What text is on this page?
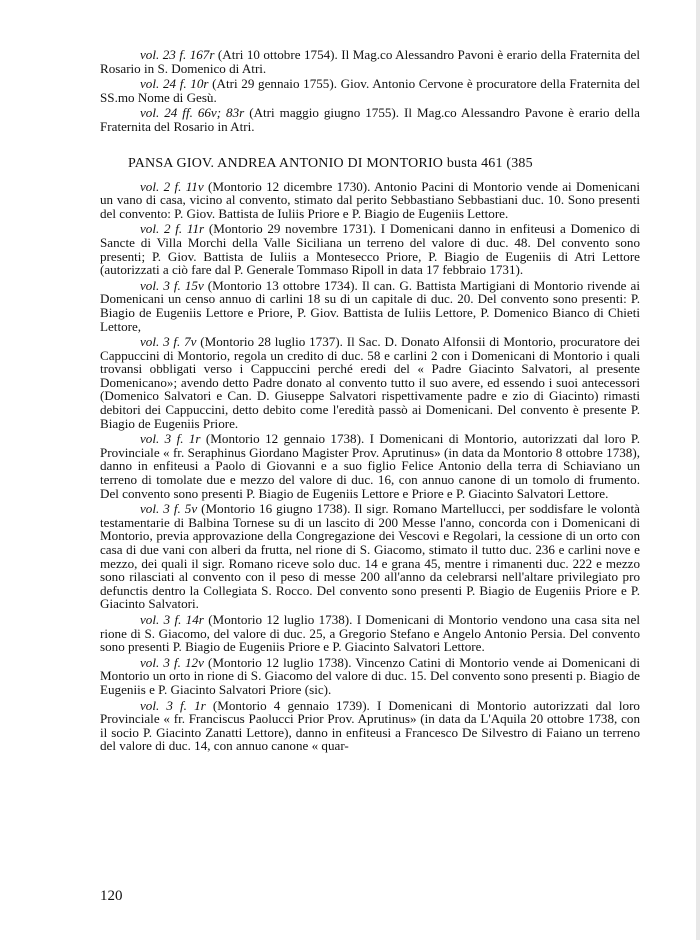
vol. 23 f. 167r (Atri 10 ottobre 1754). Il Mag.co Alessandro Pavoni è erario della Fraternita del Rosario in S. Domenico di Atri.

vol. 24 f. 10r (Atri 29 gennaio 1755). Giov. Antonio Cervone è procuratore della Fraternita del SS.mo Nome di Gesù.

vol. 24 ff. 66v; 83r (Atri maggio giugno 1755). Il Mag.co Alessandro Pavone è erario della Fraternita del Rosario in Atri.

PANSA GIOV. ANDREA ANTONIO DI MONTORIO busta 461 (385

vol. 2 f. 11v (Montorio 12 dicembre 1730). Antonio Pacini di Montorio vende ai Domenicani un vano di casa, vicino al convento, stimato dal perito Sebbastiano Sebbastiani duc. 10. Sono presenti del convento: P. Giov. Battista de Iuliis Priore e P. Biagio de Eugeniis Lettore.

vol. 2 f. 11r (Montorio 29 novembre 1731). I Domenicani danno in enfiteusi a Domenico di Sancte di Villa Morchi della Valle Siciliana un terreno del valore di duc. 48. Del convento sono presenti; P. Giov. Battista de Iuliis a Montesecco Priore, P. Biagio de Eugeniis di Atri Lettore (autorizzati a ciò fare dal P. Generale Tommaso Ripoll in data 17 febbraio 1731).

vol. 3 f. 15v (Montorio 13 ottobre 1734). Il can. G. Battista Martigiani di Montorio rivende ai Domenicani un censo annuo di carlini 18 su di un capitale di duc. 20. Del convento sono presenti: P. Biagio de Eugeniis Lettore e Priore, P. Giov. Battista de Iuliis Lettore, P. Domenico Bianco di Chieti Lettore,

vol. 3 f. 7v (Montorio 28 luglio 1737). Il Sac. D. Donato Alfonsii di Montorio, procuratore dei Cappuccini di Montorio, regola un credito di duc. 58 e carlini 2 con i Domenicani di Montorio i quali trovansi obbligati verso i Cappuccini perché eredi del « Padre Giacinto Salvatori, al presente Domenicano»; avendo detto Padre donato al convento tutto il suo avere, ed essendo i suoi antecessori (Domenico Salvatori e Can. D. Giuseppe Salvatori rispettivamente padre e zio di Giacinto) rimasti debitori dei Cappuccini, detto debito come l'eredità passò ai Domenicani. Del convento è presente P. Biagio de Eugeniis Priore.

vol. 3 f. 1r (Montorio 12 gennaio 1738). I Domenicani di Montorio, autorizzati dal loro P. Provinciale « fr. Seraphinus Giordano Magister Prov. Aprutinus» (in data da Montorio 8 ottobre 1738), danno in enfiteusi a Paolo di Giovanni e a suo figlio Felice Antonio della terra di Schiaviano un terreno di tomolate due e mezzo del valore di duc. 16, con annuo canone di un tomolo di frumento. Del convento sono presenti P. Biagio de Eugeniis Lettore e Priore e P. Giacinto Salvatori Lettore.

vol. 3 f. 5v (Montorio 16 giugno 1738). Il sigr. Romano Martellucci, per soddisfare le volontà testamentarie di Balbina Tornese su di un lascito di 200 Messe l'anno, concorda con i Domenicani di Montorio, previa approvazione della Congregazione dei Vescovi e Regolari, la cessione di un orto con casa di due vani con alberi da frutta, nel rione di S. Giacomo, stimato il tutto duc. 236 e carlini nove e mezzo, dei quali il sigr. Romano riceve solo duc. 14 e grana 45, mentre i rimanenti duc. 222 e mezzo sono rilasciati al convento con il peso di messe 200 all'anno da celebrarsi nell'altare privilegiato pro defunctis dentro la Collegiata S. Rocco. Del convento sono presenti P. Biagio de Eugeniis Priore e P. Giacinto Salvatori.

vol. 3 f. 14r (Montorio 12 luglio 1738). I Domenicani di Montorio vendono una casa sita nel rione di S. Giacomo, del valore di duc. 25, a Gregorio Stefano e Angelo Antonio Persia. Del convento sono presenti P. Biagio de Eugeniis Priore e P. Giacinto Salvatori Lettore.

vol. 3 f. 12v (Montorio 12 luglio 1738). Vincenzo Catini di Montorio vende ai Domenicani di Montorio un orto in rione di S. Giacomo del valore di duc. 15. Del convento sono presenti p. Biagio de Eugeniis e P. Giacinto Salvatori Priore (sic).

vol. 3 f. 1r (Montorio 4 gennaio 1739). I Domenicani di Montorio autorizzati dal loro Provinciale « fr. Franciscus Paolucci Prior Prov. Aprutinus» (in data da L'Aquila 20 ottobre 1738, con il socio P. Giacinto Zanatti Lettore), danno in enfiteusi a Francesco De Silvestro di Faiano un terreno del valore di duc. 14, con annuo canone « quar-

120
